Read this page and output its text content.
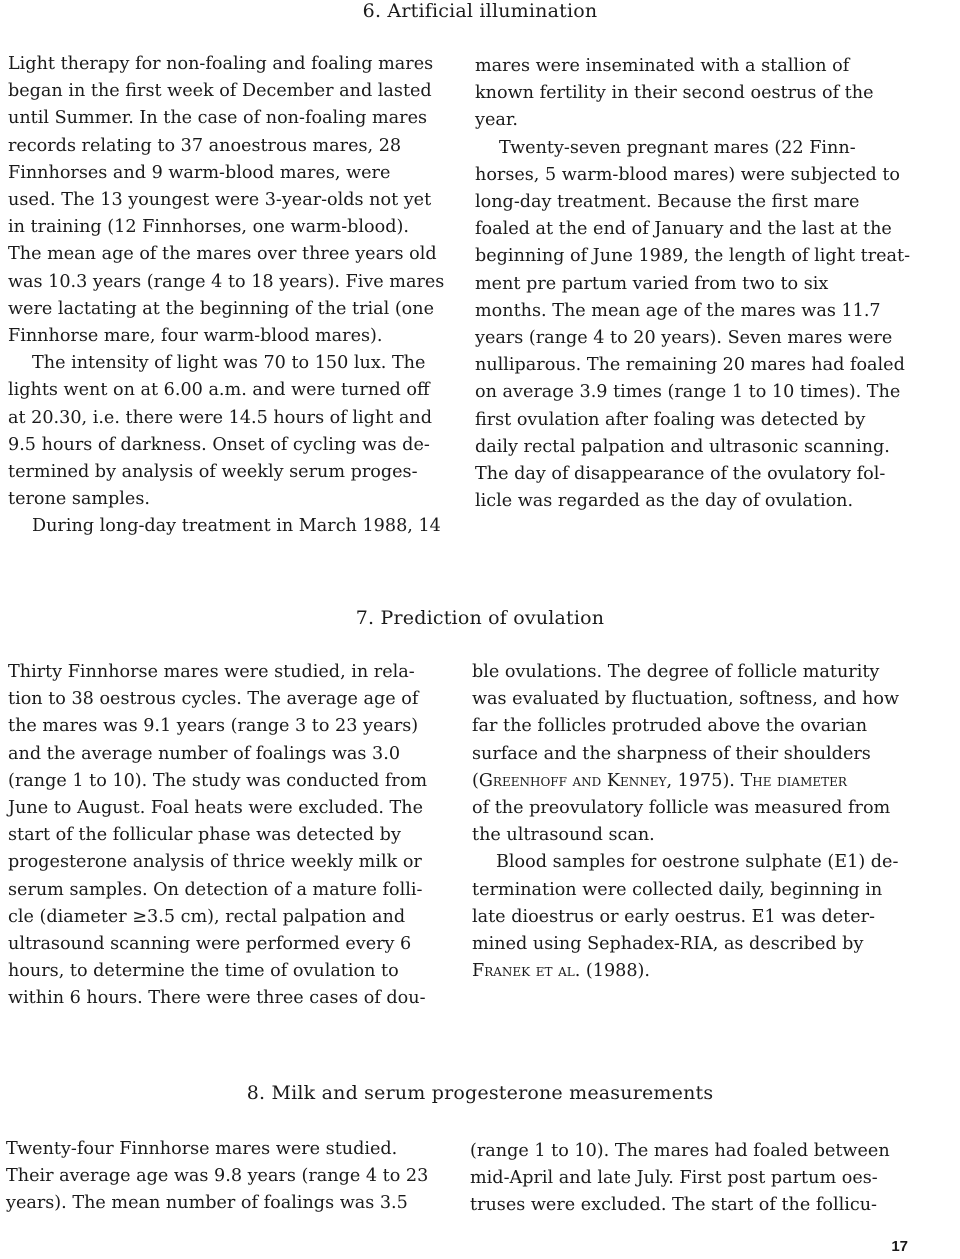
6. Artificial illumination
Light therapy for non-foaling and foaling mares
began in the first week of December and lasted
until Summer. In the case of non-foaling mares
records relating to 37 anoestrous mares, 28
Finnhorses and 9 warm-blood mares, were
used. The 13 youngest were 3-year-olds not yet
in training (12 Finnhorses, one warm-blood).
The mean age of the mares over three years old
was 10.3 years (range 4 to 18 years). Five mares
were lactating at the beginning of the trial (one
Finnhorse mare, four warm-blood mares).
The intensity of light was 70 to 150 lux. The
lights went on at 6.00 a.m. and were turned off
at 20.30, i.e. there were 14.5 hours of light and
9.5 hours of darkness. Onset of cycling was de-
termined by analysis of weekly serum proges-
terone samples.
During long-day treatment in March 1988, 14
mares were inseminated with a stallion of
known fertility in their second oestrus of the
year.
Twenty-seven pregnant mares (22 Finn-
horses, 5 warm-blood mares) were subjected to
long-day treatment. Because the first mare
foaled at the end of January and the last at the
beginning of June 1989, the length of light treat-
ment pre partum varied from two to six
months. The mean age of the mares was 11.7
years (range 4 to 20 years). Seven mares were
nulliparous. The remaining 20 mares had foaled
on average 3.9 times (range 1 to 10 times). The
first ovulation after foaling was detected by
daily rectal palpation and ultrasonic scanning.
The day of disappearance of the ovulatory fol-
licle was regarded as the day of ovulation.
7. Prediction of ovulation
Thirty Finnhorse mares were studied, in rela-
tion to 38 oestrous cycles. The average age of
the mares was 9.1 years (range 3 to 23 years)
and the average number of foalings was 3.0
(range 1 to 10). The study was conducted from
June to August. Foal heats were excluded. The
start of the follicular phase was detected by
progesterone analysis of thrice weekly milk or
serum samples. On detection of a mature folli-
cle (diameter ≥3.5 cm), rectal palpation and
ultrasound scanning were performed every 6
hours, to determine the time of ovulation to
within 6 hours. There were three cases of dou-
ble ovulations. The degree of follicle maturity
was evaluated by fluctuation, softness, and how
far the follicles protruded above the ovarian
surface and the sharpness of their shoulders
(Greenhoff and Kenney, 1975). The diameter
of the preovulatory follicle was measured from
the ultrasound scan.
Blood samples for oestrone sulphate (E1) de-
termination were collected daily, beginning in
late dioestrus or early oestrus. E1 was deter-
mined using Sephadex-RIA, as described by
Franek et al. (1988).
8. Milk and serum progesterone measurements
Twenty-four Finnhorse mares were studied.
Their average age was 9.8 years (range 4 to 23
years). The mean number of foalings was 3.5
(range 1 to 10). The mares had foaled between
mid-April and late July. First post partum oes-
truses were excluded. The start of the follicu-
17
